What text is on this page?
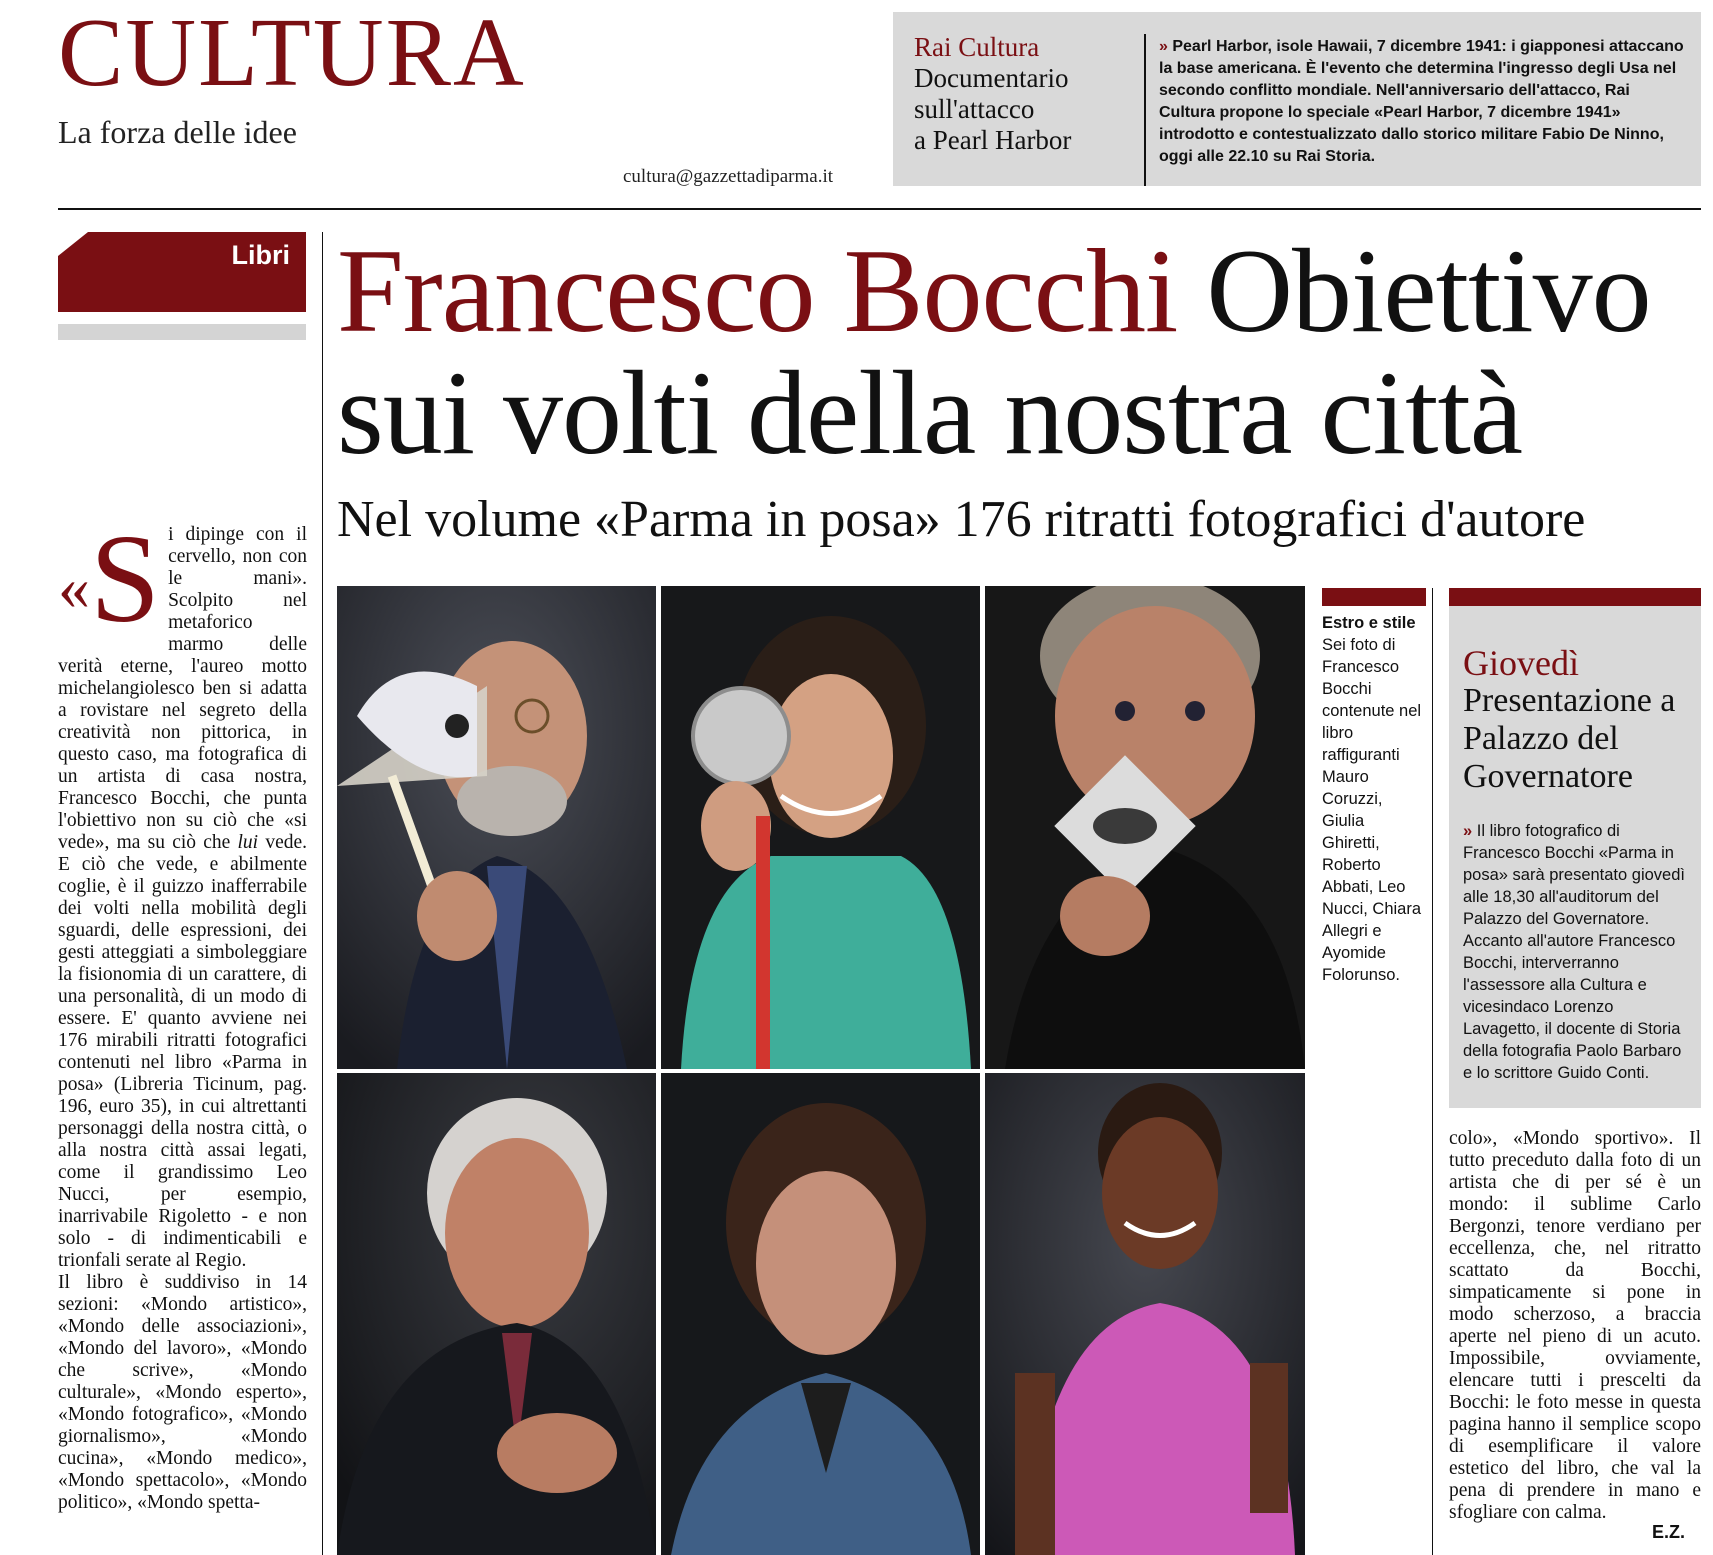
CULTURA
La forza delle idee
cultura@gazzettadiparma.it
Rai Cultura
Documentario
sull'attacco
a Pearl Harbor
» Pearl Harbor, isole Hawaii, 7 dicembre 1941: i giapponesi attaccano la base americana. È l'evento che determina l'ingresso degli Usa nel secondo conflitto mondiale. Nell'anniversario dell'attacco, Rai Cultura propone lo speciale «Pearl Harbor, 7 dicembre 1941» introdotto e contestualizzato dallo storico militare Fabio De Ninno, oggi alle 22.10 su Rai Storia.
Libri Francesco Bocchi Obiettivo sui volti della nostra città
Nel volume «Parma in posa» 176 ritratti fotografici d'autore
«S i dipinge con il cervello, non con le mani». Scolpito nel metaforico marmo delle verità eterne, l'aureo motto michelangiolesco ben si adatta a rovistare nel segreto della creatività non pittorica, in questo caso, ma fotografica di un artista di casa nostra, Francesco Bocchi, che punta l'obiettivo non su ciò che «si vede», ma su ciò che lui vede. E ciò che vede, e abilmente coglie, è il guizzo inafferrabile dei volti nella mobilità degli sguardi, delle espressioni, dei gesti atteggiati a simboleggiare la fisionomia di un carattere, di una personalità, di un modo di essere. E' quanto avviene nei 176 mirabili ritratti fotografici contenuti nel libro «Parma in posa» (Libreria Ticinum, pag. 196, euro 35), in cui altrettanti personaggi della nostra città, o alla nostra città assai legati, come il grandissimo Leo Nucci, per esempio, inarrivabile Rigoletto - e non solo - di indimenticabili e trionfali serate al Regio.

Il libro è suddiviso in 14 sezioni: «Mondo artistico», «Mondo delle associazioni», «Mondo del lavoro», «Mondo che scrive», «Mondo culturale», «Mondo esperto», «Mondo fotografico», «Mondo giornalismo», «Mondo cucina», «Mondo medico», «Mondo spettacolo», «Mondo politico», «Mondo spetta-

Estro e stile
Sei foto di Francesco Bocchi contenute nel libro raffiguranti Mauro Coruzzi, Giulia Ghiretti, Roberto Abbati, Leo Nucci, Chiara Allegri e Ayomide Folorunso.
Giovedì
Presentazione a Palazzo del Governatore
» Il libro fotografico di Francesco Bocchi «Parma in posa» sarà presentato giovedì alle 18,30 all'auditorum del Palazzo del Governatore. Accanto all'autore Francesco Bocchi, interverranno l'assessore alla Cultura e vicesindaco Lorenzo Lavagetto, il docente di Storia della fotografia Paolo Barbaro e lo scrittore Guido Conti.

colo», «Mondo sportivo». Il tutto preceduto dalla foto di un artista che di per sé è un mondo: il sublime Carlo Bergonzi, tenore verdiano per eccellenza, che, nel ritratto scattato da Bocchi, simpaticamente si pone in modo scherzoso, a braccia aperte nel pieno di un acuto. Impossibile, ovviamente, elencare tutti i prescelti da Bocchi: le foto messe in questa pagina hanno il semplice scopo di esemplificare il valore estetico del libro, che val la pena di prendere in mano e sfogliare con calma.

E.Z.
